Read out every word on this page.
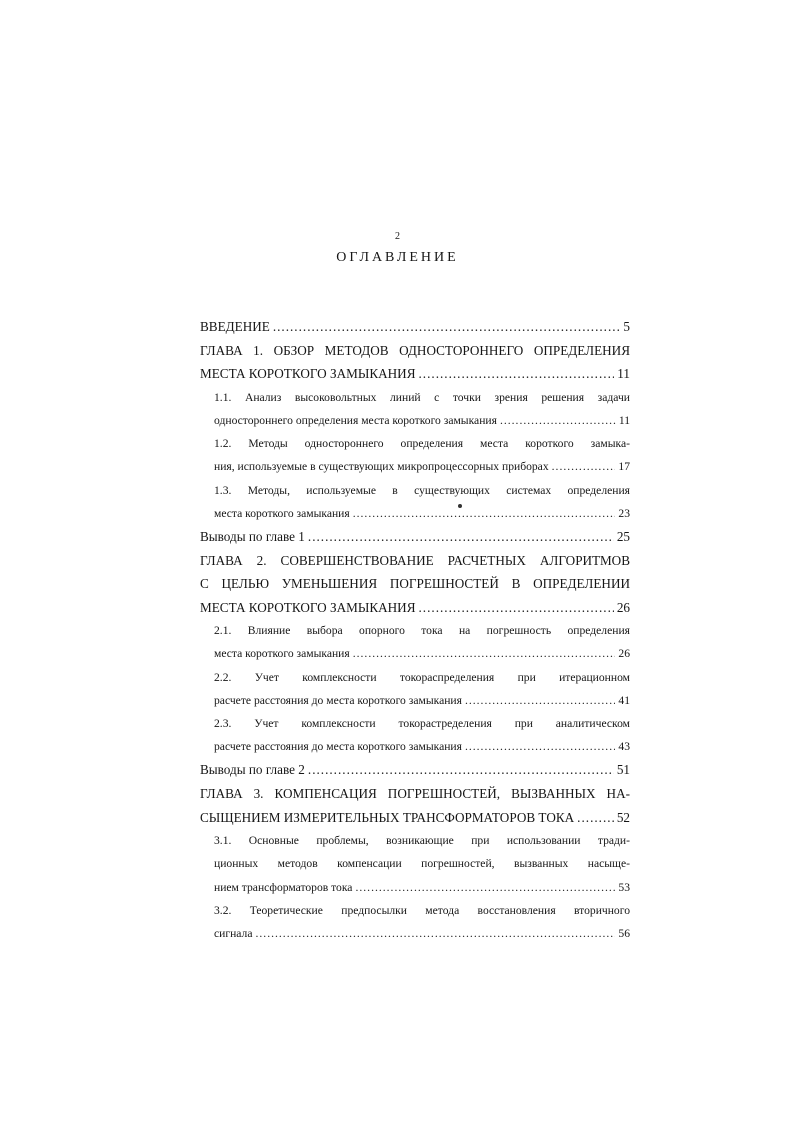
2
ОГЛАВЛЕНИЕ
ВВЕДЕНИЕ .....	5
ГЛАВА 1. ОБЗОР МЕТОДОВ ОДНОСТОРОННЕГО ОПРЕДЕЛЕНИЯ
МЕСТА КОРОТКОГО ЗАМЫКАНИЯ .....	11
1.1. Анализ высоковольтных линий с точки зрения решения задачи
одностороннего определения места короткого замыкания .....	11
1.2. Методы одностороннего определения места короткого замыка-
ния, используемые в существующих микропроцессорных приборах .....	17
1.3. Методы, используемые в существующих системах определения
места короткого замыкания .....	23
Выводы по главе 1 .....	25
ГЛАВА 2. СОВЕРШЕНСТВОВАНИЕ РАСЧЕТНЫХ АЛГОРИТМОВ
С ЦЕЛЬЮ УМЕНЬШЕНИЯ ПОГРЕШНОСТЕЙ В ОПРЕДЕЛЕНИИ
МЕСТА КОРОТКОГО ЗАМЫКАНИЯ .....	26
2.1. Влияние выбора опорного тока на погрешность определения
места короткого замыкания .....	26
2.2. Учет комплексности токораспределения при итерационном
расчете расстояния до места короткого замыкания .....	41
2.3. Учет комплексности токорастределения при аналитическом
расчете расстояния до места короткого замыкания .....	43
Выводы по главе 2 .....	51
ГЛАВА 3. КОМПЕНСАЦИЯ ПОГРЕШНОСТЕЙ, ВЫЗВАННЫХ НА-
СЫЩЕНИЕМ ИЗМЕРИТЕЛЬНЫХ ТРАНСФОРМАТОРОВ ТОКА .....	52
3.1. Основные проблемы, возникающие при использовании тради-
ционных методов компенсации погрешностей, вызванных насыще-
нием трансформаторов тока .....	53
3.2. Теоретические предпосылки метода восстановления вторичного
сигнала .....	56
